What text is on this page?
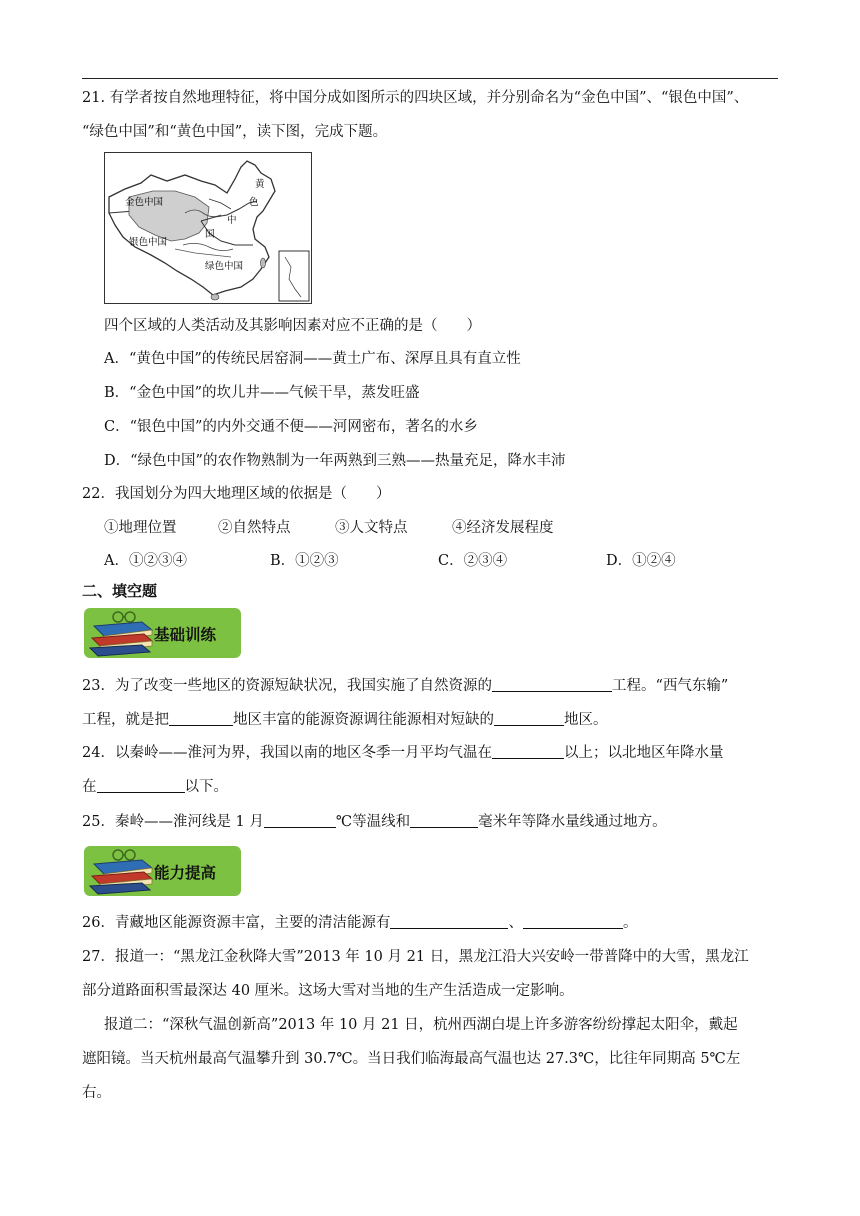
21. 有学者按自然地理特征，将中国分成如图所示的四块区域，并分别命名为“金色中国”、“银色中国”、
“绿色中国”和“黄色中国”，读下图，完成下题。
金色中国
银色中国
绿色中国
黄
色
中
国
四个区域的人类活动及其影响因素对应不正确的是（　　）
A．“黄色中国”的传统民居窑洞——黄土广布、深厚且具有直立性
B．“金色中国”的坎儿井——气候干旱，蒸发旺盛
C．“银色中国”的内外交通不便——河网密布，著名的水乡
D．“绿色中国”的农作物熟制为一年两熟到三熟——热量充足，降水丰沛
22．我国划分为四大地理区域的依据是（　　）
①地理位置	②自然特点	③人文特点	④经济发展程度
A．①②③④	B．①②③	C．②③④	D．①②④
二、填空题
基础训练
23．为了改变一些地区的资源短缺状况，我国实施了自然资源的	工程。“西气东输”
工程，就是把	地区丰富的能源资源调往能源相对短缺的	地区。
24．以秦岭——淮河为界，我国以南的地区冬季一月平均气温在	以上；以北地区年降水量
在	以下。
25．秦岭——淮河线是 1 月	℃等温线和	毫米年等降水量线通过地方。
能力提高
26．青藏地区能源资源丰富，主要的清洁能源有	、	。
27．报道一：“黑龙江金秋降大雪”2013 年 10 月 21 日，黑龙江沿大兴安岭一带普降中的大雪，黑龙江
部分道路面积雪最深达 40 厘米。这场大雪对当地的生产生活造成一定影响。
报道二：“深秋气温创新高”2013 年 10 月 21 日，杭州西湖白堤上许多游客纷纷撑起太阳伞，戴起
遮阳镜。当天杭州最高气温攀升到 30.7℃。当日我们临海最高气温也达 27.3℃，比往年同期高 5℃左
右。
